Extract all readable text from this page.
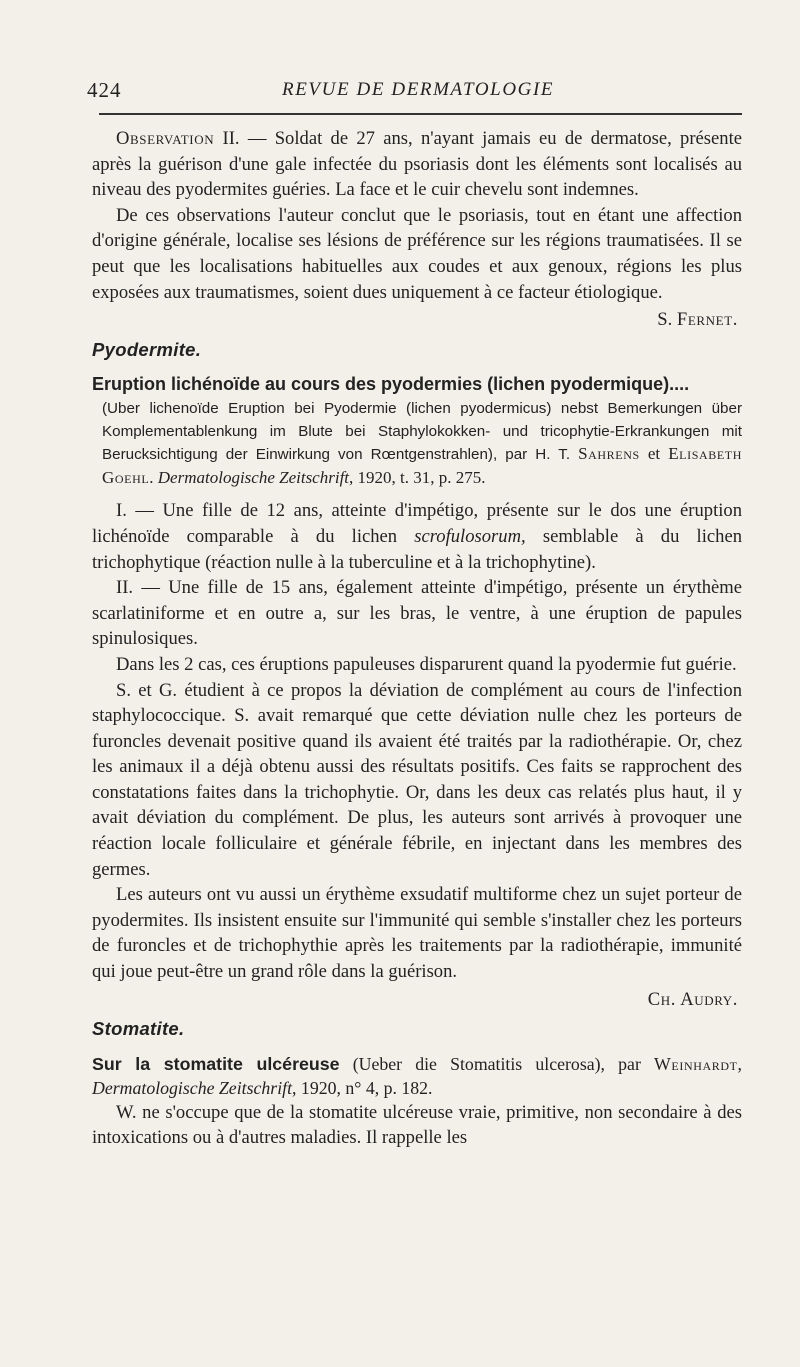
424	REVUE DE DERMATOLOGIE

Observation II. — Soldat de 27 ans, n'ayant jamais eu de dermatose, présente après la guérison d'une gale infectée du psoriasis dont les éléments sont localisés au niveau des pyodermites guéries. La face et le cuir chevelu sont indemnes.

De ces observations l'auteur conclut que le psoriasis, tout en étant une affection d'origine générale, localise ses lésions de préférence sur les régions traumatisées. Il se peut que les localisations habituelles aux coudes et aux genoux, régions les plus exposées aux traumatismes, soient dues uniquement à ce facteur étiologique.

S. Fernet.
Pyodermite.
Eruption lichénoïde au cours des pyodermies (lichen pyodermique)....
(Uber lichenoïde Eruption bei Pyodermie (lichen pyodermicus) nebst Bemerkungen über Komplementablenkung im Blute bei Staphylokokken- und tricophytie-Erkrankungen mit Berucksichtigung der Einwirkung von Rœntgenstrahlen), par H. T. Sahrens et Elisabeth Goehl. Dermatologische Zeitschrift, 1920, t. 31, p. 275.

I. — Une fille de 12 ans, atteinte d'impétigo, présente sur le dos une éruption lichénoïde comparable à du lichen scrofulosorum, semblable à du lichen trichophytique (réaction nulle à la tuberculine et à la trichophytine).

II. — Une fille de 15 ans, également atteinte d'impétigo, présente un érythème scarlatiniforme et en outre a, sur les bras, le ventre, à une éruption de papules spinulosiques.

Dans les 2 cas, ces éruptions papuleuses disparurent quand la pyodermie fut guérie.

S. et G. étudient à ce propos la déviation de complément au cours de l'infection staphylococcique. S. avait remarqué que cette déviation nulle chez les porteurs de furoncles devenait positive quand ils avaient été traités par la radiothérapie. Or, chez les animaux il a déjà obtenu aussi des résultats positifs. Ces faits se rapprochent des constatations faites dans la trichophytie. Or, dans les deux cas relatés plus haut, il y avait déviation du complément. De plus, les auteurs sont arrivés à provoquer une réaction locale folliculaire et générale fébrile, en injectant dans les membres des germes.

Les auteurs ont vu aussi un érythème exsudatif multiforme chez un sujet porteur de pyodermites. Ils insistent ensuite sur l'immunité qui semble s'installer chez les porteurs de furoncles et de trichophythie après les traitements par la radiothérapie, immunité qui joue peut-être un grand rôle dans la guérison.

Ch. Audry.
Stomatite.

Sur la stomatite ulcéreuse (Ueber die Stomatitis ulcerosa), par Weinhardt, Dermatologische Zeitschrift, 1920, n° 4, p. 182.

W. ne s'occupe que de la stomatite ulcéreuse vraie, primitive, non secondaire à des intoxications ou à d'autres maladies. Il rappelle les
